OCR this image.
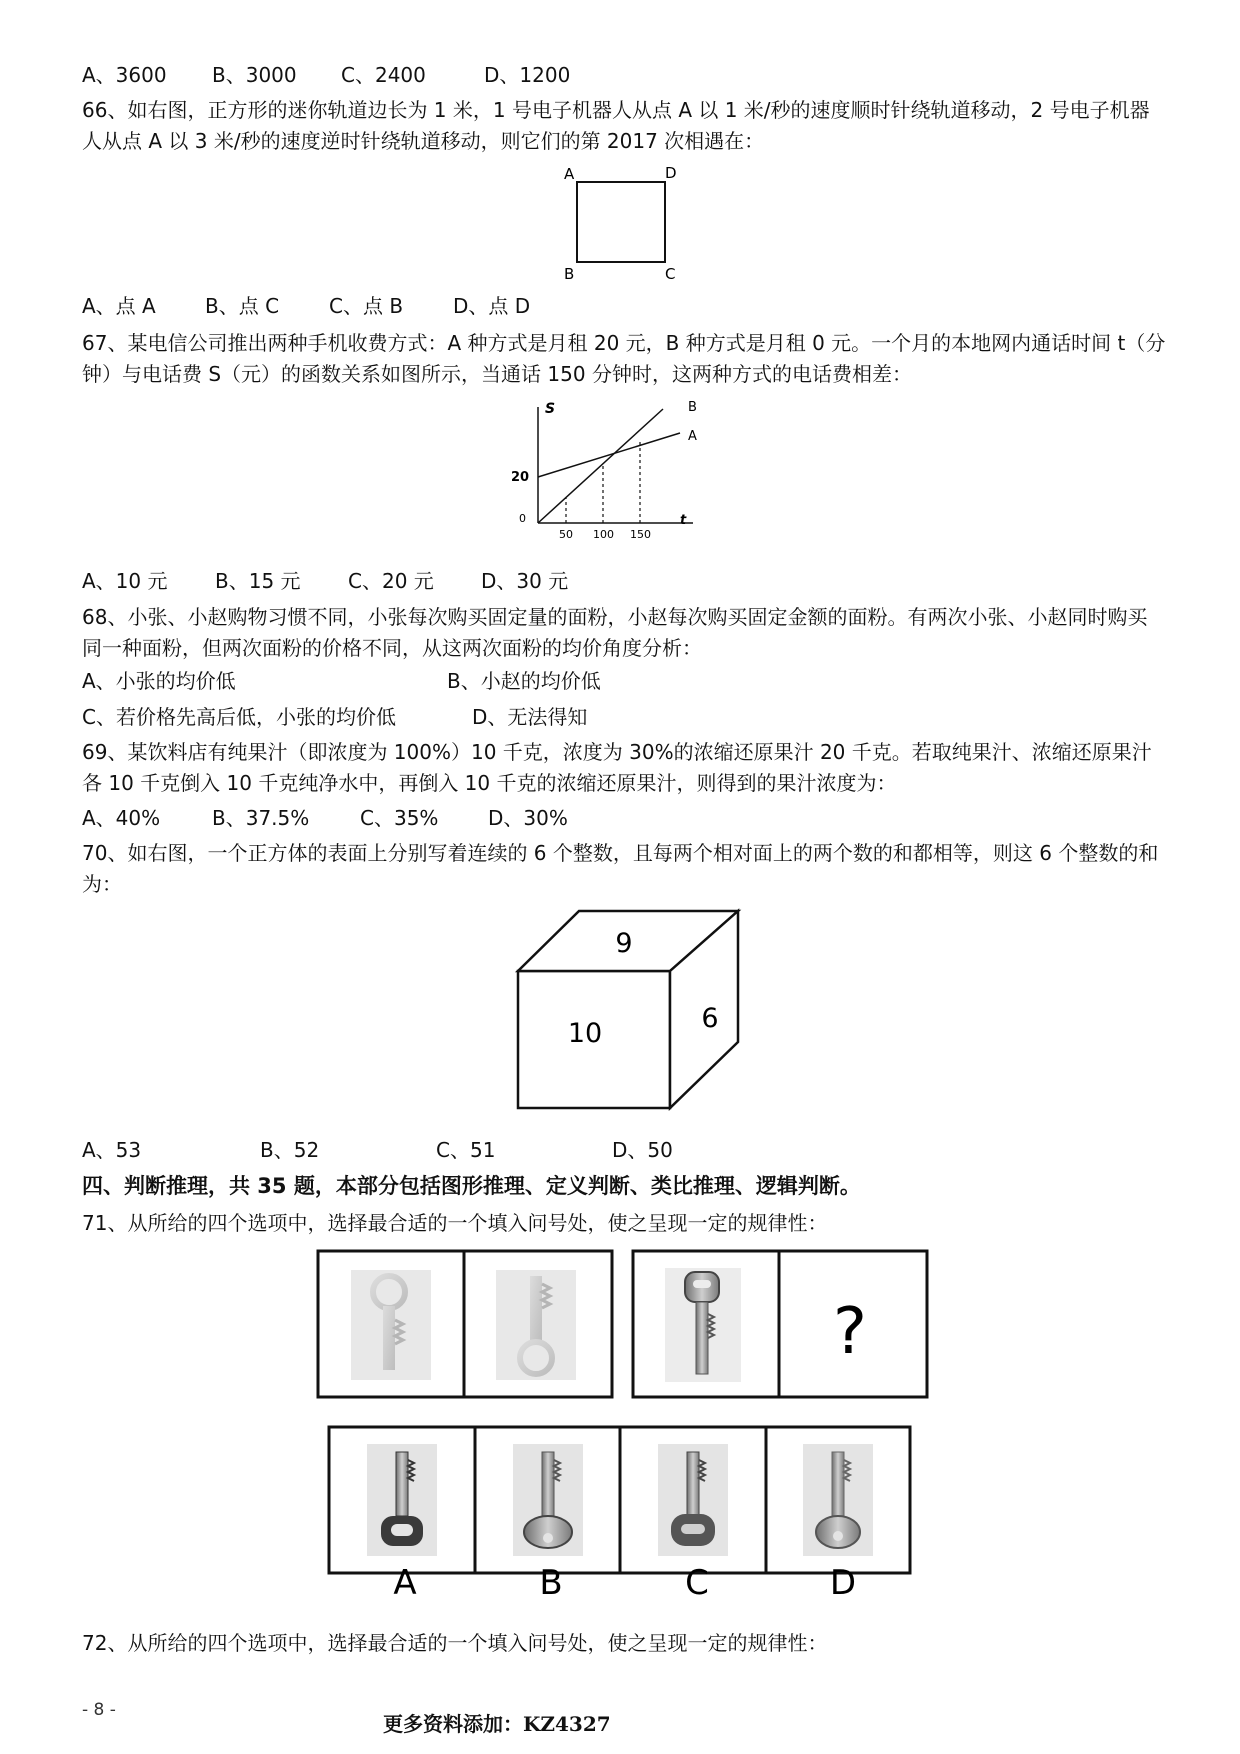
A、3600 B、3000 C、2400	D、1200
66、如右图，正方形的迷你轨道边长为 1 米，1 号电子机器人从点 A 以 1 米/秒的速度顺时针绕轨道移动，2 号电子机器人从点 A 以 3 米/秒的速度逆时针绕轨道移动，则它们的第 2017 次相遇在：
A	D
B	C
A、点 A B、点 C C、点 B D、点 D
67、某电信公司推出两种手机收费方式：A 种方式是月租 20 元，B 种方式是月租 0 元。一个月的本地网内通话时间 t（分钟）与电话费 S（元）的函数关系如图所示，当通话 150 分钟时，这两种方式的电话费相差：
S
t
0
20
50 100 150
B
A
A、10 元 B、15 元 C、20 元 D、30 元
68、小张、小赵购物习惯不同，小张每次购买固定量的面粉，小赵每次购买固定金额的面粉。有两次小张、小赵同时购买同一种面粉，但两次面粉的价格不同，从这两次面粉的均价角度分析：
A、小张的均价低	B、小赵的均价低
C、若价格先高后低，小张的均价低	D、无法得知
69、某饮料店有纯果汁（即浓度为 100%）10 千克，浓度为 30%的浓缩还原果汁 20 千克。若取纯果汁、浓缩还原果汁各 10 千克倒入 10 千克纯净水中，再倒入 10 千克的浓缩还原果汁，则得到的果汁浓度为：
A、40%	B、37.5%	C、35% D、30%
70、如右图，一个正方体的表面上分别写着连续的 6 个整数，且每两个相对面上的两个数的和都相等，则这 6 个整数的和为：
9
10	6
A、53	B、52	C、51	D、50
四、判断推理，共 35 题，本部分包括图形推理、定义判断、类比推理、逻辑判断。
71、从所给的四个选项中，选择最合适的一个填入问号处，使之呈现一定的规律性：
?
A	B	C	D
72、从所给的四个选项中，选择最合适的一个填入问号处，使之呈现一定的规律性：
- 8 -
更多资料添加：KZ4327
